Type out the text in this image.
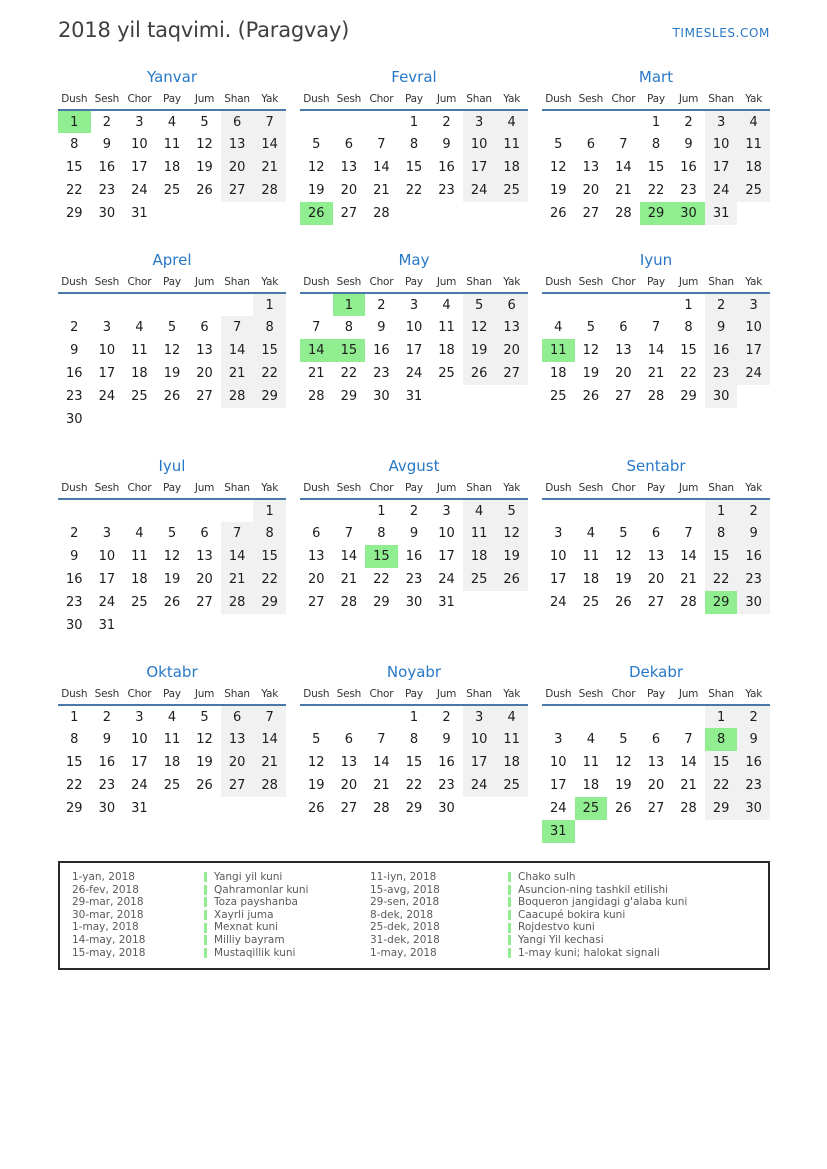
2018 yil taqvimi. (Paragvay)	TIMESLES.COM
Yanvar
Dush	Sesh	Chor	Pay	Jum	Shan	Yak
1	2	3	4	5	6	7
8	9	10	11	12	13	14
15	16	17	18	19	20	21
22	23	24	25	26	27	28
29	30	31				
Fevral
Dush	Sesh	Chor	Pay	Jum	Shan	Yak
			1	2	3	4
5	6	7	8	9	10	11
12	13	14	15	16	17	18
19	20	21	22	23	24	25
26	27	28				
Mart
Dush	Sesh	Chor	Pay	Jum	Shan	Yak
			1	2	3	4
5	6	7	8	9	10	11
12	13	14	15	16	17	18
19	20	21	22	23	24	25
26	27	28	29	30	31	
Aprel
Dush	Sesh	Chor	Pay	Jum	Shan	Yak
						1
2	3	4	5	6	7	8
9	10	11	12	13	14	15
16	17	18	19	20	21	22
23	24	25	26	27	28	29
30						
May
Dush	Sesh	Chor	Pay	Jum	Shan	Yak
	1	2	3	4	5	6
7	8	9	10	11	12	13
14	15	16	17	18	19	20
21	22	23	24	25	26	27
28	29	30	31			
Iyun
Dush	Sesh	Chor	Pay	Jum	Shan	Yak
				1	2	3
4	5	6	7	8	9	10
11	12	13	14	15	16	17
18	19	20	21	22	23	24
25	26	27	28	29	30	
Iyul
Dush	Sesh	Chor	Pay	Jum	Shan	Yak
						1
2	3	4	5	6	7	8
9	10	11	12	13	14	15
16	17	18	19	20	21	22
23	24	25	26	27	28	29
30	31					
Avgust
Dush	Sesh	Chor	Pay	Jum	Shan	Yak
		1	2	3	4	5
6	7	8	9	10	11	12
13	14	15	16	17	18	19
20	21	22	23	24	25	26
27	28	29	30	31		
Sentabr
Dush	Sesh	Chor	Pay	Jum	Shan	Yak
					1	2
3	4	5	6	7	8	9
10	11	12	13	14	15	16
17	18	19	20	21	22	23
24	25	26	27	28	29	30
Oktabr
Dush	Sesh	Chor	Pay	Jum	Shan	Yak
1	2	3	4	5	6	7
8	9	10	11	12	13	14
15	16	17	18	19	20	21
22	23	24	25	26	27	28
29	30	31				
Noyabr
Dush	Sesh	Chor	Pay	Jum	Shan	Yak
			1	2	3	4
5	6	7	8	9	10	11
12	13	14	15	16	17	18
19	20	21	22	23	24	25
26	27	28	29	30		
Dekabr
Dush	Sesh	Chor	Pay	Jum	Shan	Yak
					1	2
3	4	5	6	7	8	9
10	11	12	13	14	15	16
17	18	19	20	21	22	23
24	25	26	27	28	29	30
31						
1-yan, 2018	Yangi yil kuni	11-iyn, 2018	Chako sulh
26-fev, 2018	Qahramonlar kuni	15-avg, 2018	Asuncion-ning tashkil etilishi
29-mar, 2018	Toza payshanba	29-sen, 2018	Boqueron jangidagi g'alaba kuni
30-mar, 2018	Xayrli juma	8-dek, 2018	Caacupé bokira kuni
1-may, 2018	Mexnat kuni	25-dek, 2018	Rojdestvo kuni
14-may, 2018	Milliy bayram	31-dek, 2018	Yangi Yil kechasi
15-may, 2018	Mustaqillik kuni	1-may, 2018	1-may kuni; halokat signali
